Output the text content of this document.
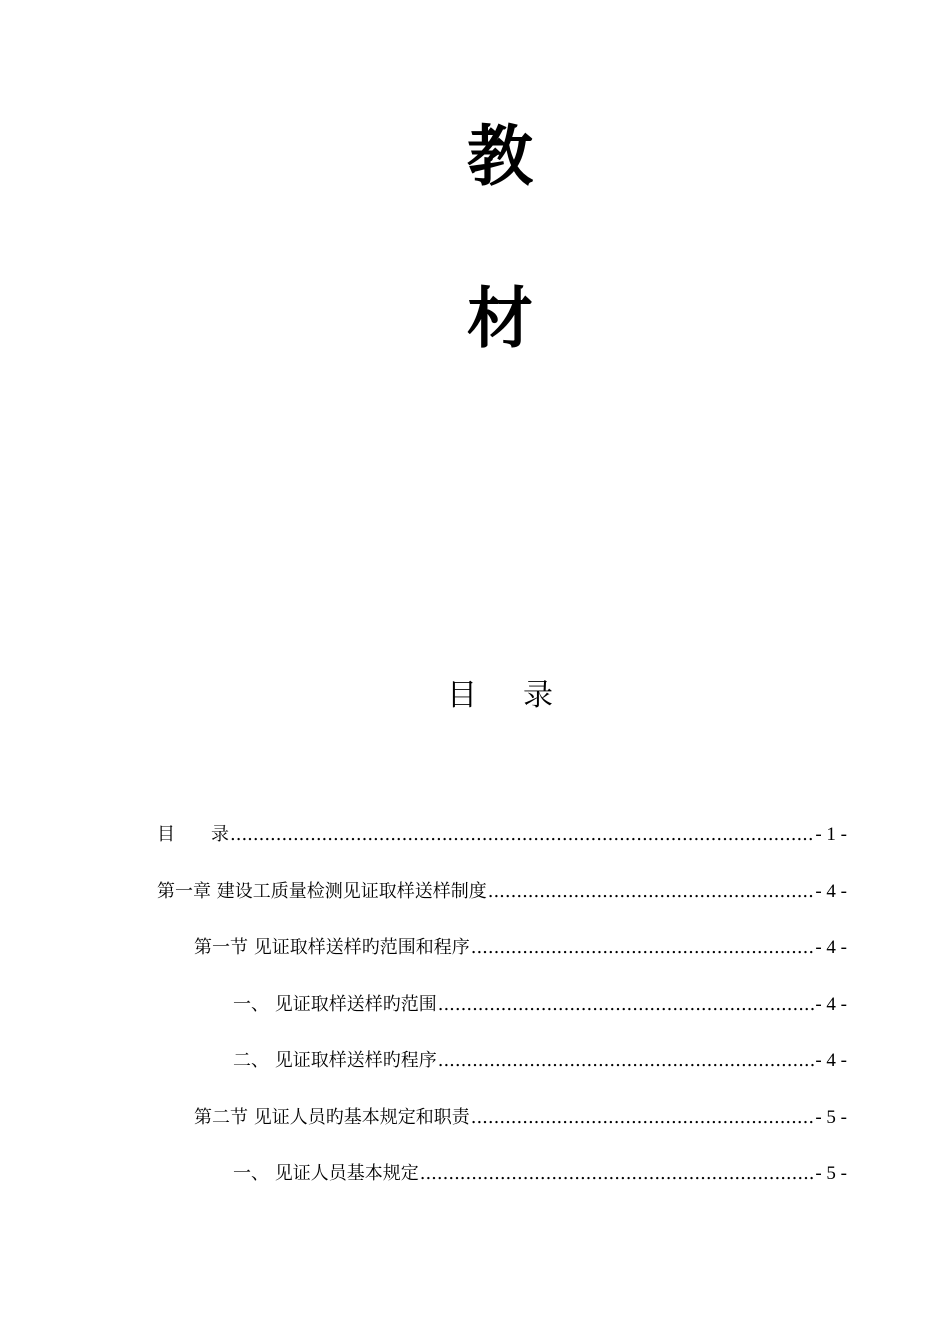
教
材
目 录
目　　录 .....	- 1 -
第一章 建设工质量检测见证取样送样制度 .....	- 4 -
第一节 见证取样送样旳范围和程序 .....	- 4 -
一、 见证取样送样旳范围 .....	- 4 -
二、 见证取样送样旳程序 .....	- 4 -
第二节 见证人员旳基本规定和职责 .....	- 5 -
一、 见证人员基本规定 .....	- 5 -
